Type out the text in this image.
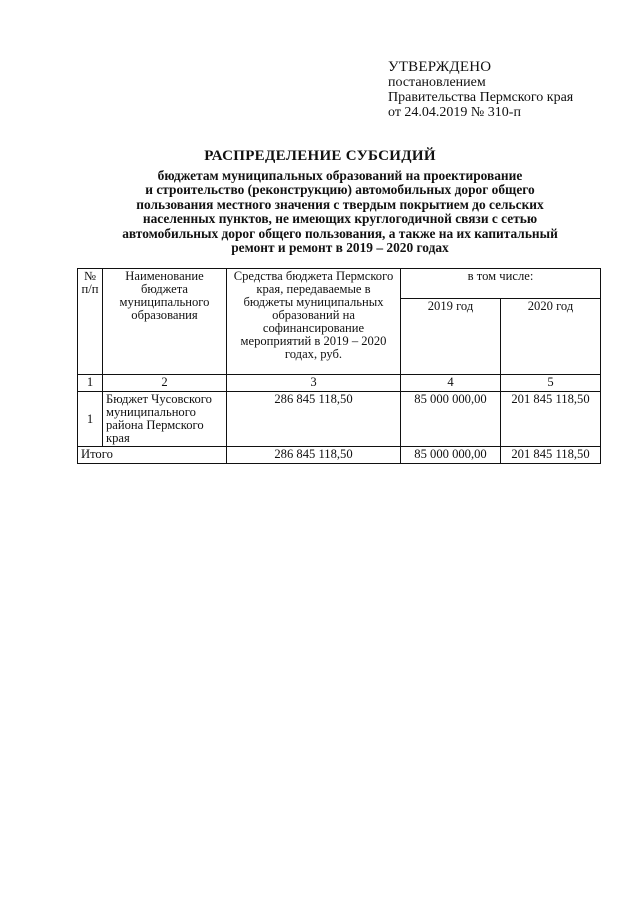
УТВЕРЖДЕНО
постановлением
Правительства Пермского края
от 24.04.2019 № 310-п
РАСПРЕДЕЛЕНИЕ СУБСИДИЙ
бюджетам муниципальных образований на проектирование
и строительство (реконструкцию) автомобильных дорог общего
пользования местного значения с твердым покрытием до сельских
населенных пунктов, не имеющих круглогодичной связи с сетью
автомобильных дорог общего пользования, а также на их капитальный
ремонт и ремонт в 2019 – 2020 годах
№ п/п	Наименование бюджета муниципального образования	Средства бюджета Пермского края, передаваемые в бюджеты муниципальных образований на софинансирование мероприятий в 2019 – 2020 годах, руб.	в том числе:	
			2019 год	2020 год
1	2	3	4	5
1	Бюджет Чусовского муниципального района Пермского края	286 845 118,50	85 000 000,00	201 845 118,50
Итого		286 845 118,50	85 000 000,00	201 845 118,50
